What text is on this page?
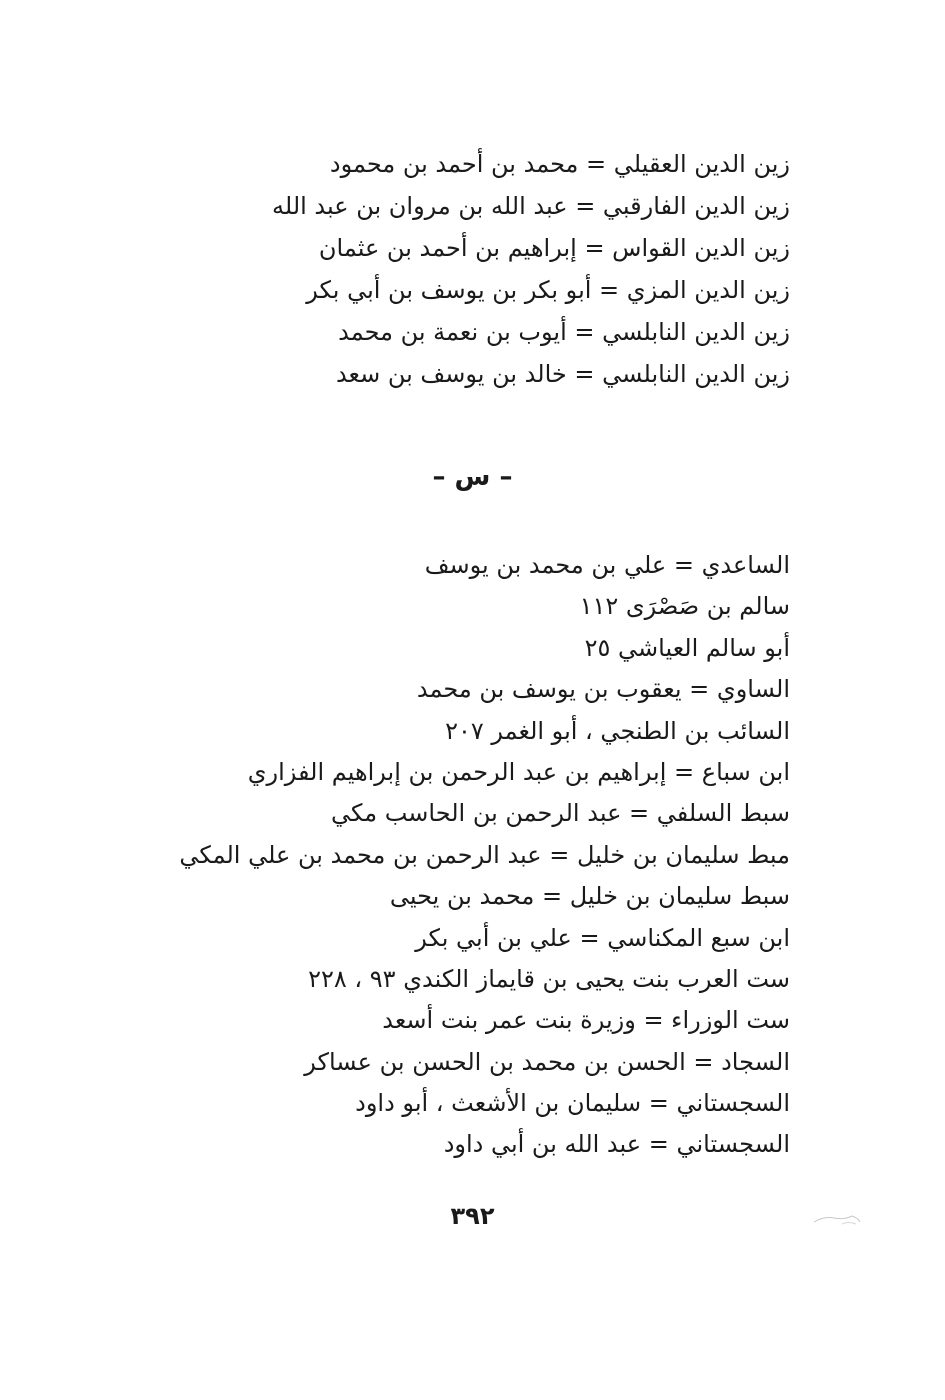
زين الدين العقيلي = محمد بن أحمد بن محمود
زين الدين الفارقبي = عبد الله بن مروان بن عبد الله
زين الدين القواس = إبراهيم بن أحمد بن عثمان
زين الدين المزي = أبو بكر بن يوسف بن أبي بكر
زين الدين النابلسي = أيوب بن نعمة بن محمد
زين الدين النابلسي = خالد بن يوسف بن سعد
– س –
الساعدي = علي بن محمد بن يوسف
سالم بن صَصْرَى ١١٢
أبو سالم العياشي ٢٥
الساوي = يعقوب بن يوسف بن محمد
السائب بن الطنجي ، أبو الغمر ٢٠٧
ابن سباع = إبراهيم بن عبد الرحمن بن إبراهيم الفزاري
سبط السلفي = عبد الرحمن بن الحاسب مكي
مبط سليمان بن خليل = عبد الرحمن بن محمد بن علي المكي
سبط سليمان بن خليل = محمد بن يحيى
ابن سبع المكناسي = علي بن أبي بكر
ست العرب بنت يحيى بن قايماز الكندي ٩٣ ، ٢٢٨
ست الوزراء = وزيرة بنت عمر بنت أسعد
السجاد = الحسن بن محمد بن الحسن بن عساكر
السجستاني = سليمان بن الأشعث ، أبو داود
السجستاني = عبد الله بن أبي داود
٣٩٢
